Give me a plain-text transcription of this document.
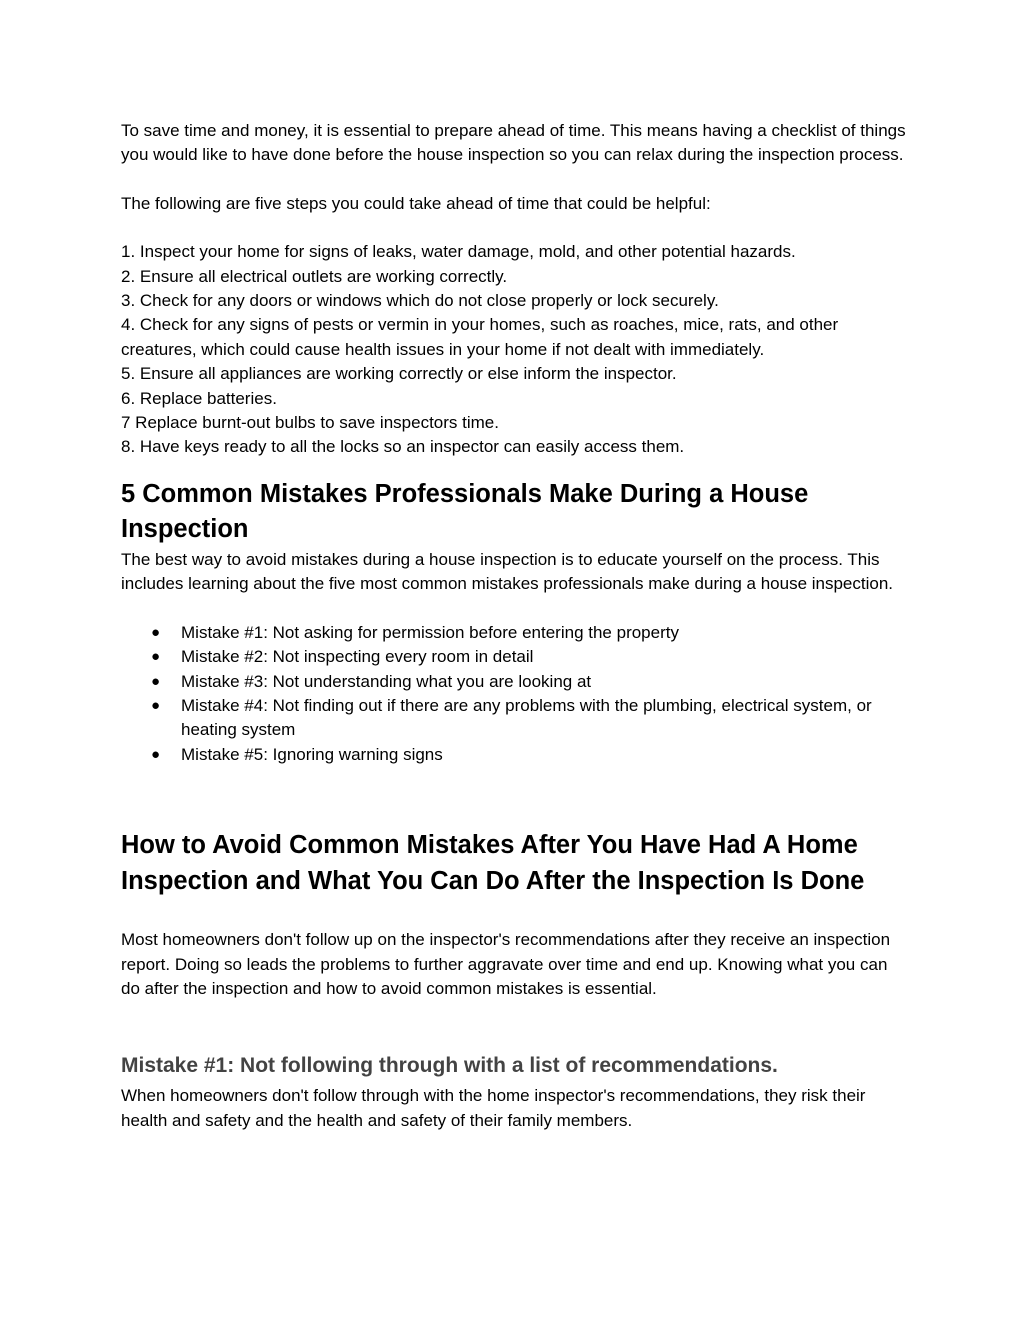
To save time and money, it is essential to prepare ahead of time. This means having a checklist of things you would like to have done before the house inspection so you can relax during the inspection process.

The following are five steps you could take ahead of time that could be helpful:

1. Inspect your home for signs of leaks, water damage, mold, and other potential hazards.

2. Ensure all electrical outlets are working correctly.

3. Check for any doors or windows which do not close properly or lock securely.

4. Check for any signs of pests or vermin in your homes, such as roaches, mice, rats, and other creatures, which could cause health issues in your home if not dealt with immediately.

5. Ensure all appliances are working correctly or else inform the inspector.

6. Replace batteries.

7 Replace burnt-out bulbs to save inspectors time.

8. Have keys ready to all the locks so an inspector can easily access them.

5 Common Mistakes Professionals Make During a House Inspection

The best way to avoid mistakes during a house inspection is to educate yourself on the process. This includes learning about the five most common mistakes professionals make during a house inspection.

● Mistake #1: Not asking for permission before entering the property
● Mistake #2: Not inspecting every room in detail
● Mistake #3: Not understanding what you are looking at
● Mistake #4: Not finding out if there are any problems with the plumbing, electrical system, or heating system
● Mistake #5: Ignoring warning signs
How to Avoid Common Mistakes After You Have Had A Home Inspection and What You Can Do After the Inspection Is Done

Most homeowners don't follow up on the inspector's recommendations after they receive an inspection report. Doing so leads the problems to further aggravate over time and end up. Knowing what you can do after the inspection and how to avoid common mistakes is essential.

Mistake #1: Not following through with a list of recommendations.

When homeowners don't follow through with the home inspector's recommendations, they risk their health and safety and the health and safety of their family members.
